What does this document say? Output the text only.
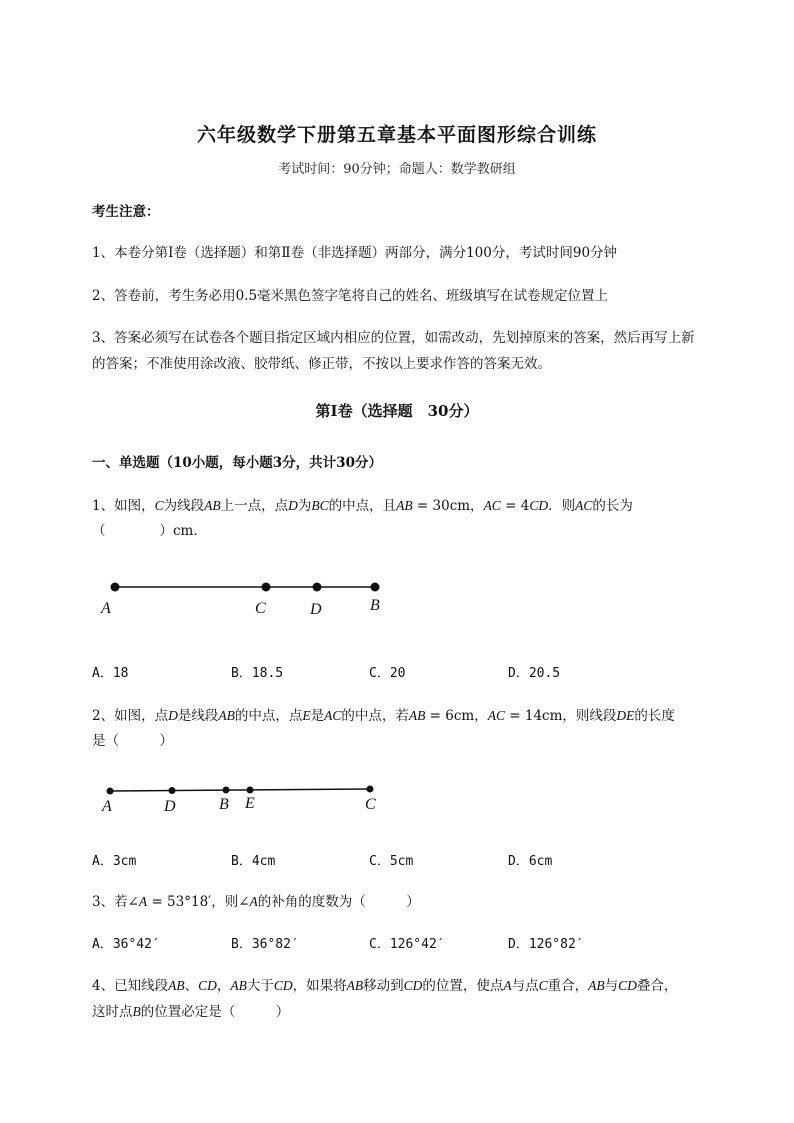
六年级数学下册第五章基本平面图形综合训练
考试时间：90分钟；命题人：数学教研组
考生注意：
1、本卷分第I卷（选择题）和第Ⅱ卷（非选择题）两部分，满分100分，考试时间90分钟
2、答卷前，考生务必用0.5毫米黑色签字笔将自己的姓名、班级填写在试卷规定位置上
3、答案必须写在试卷各个题目指定区域内相应的位置，如需改动，先划掉原来的答案，然后再写上新
的答案；不准使用涂改液、胶带纸、修正带，不按以上要求作答的答案无效。
第I卷（选择题　30分）
一、单选题（10小题，每小题3分，共计30分）
1、如图，C为线段AB上一点，点D为BC的中点，且AB = 30cm，AC = 4CD．则AC的长为
（　　　　）cm．
A	C	D	B
A．18	B．18.5	C．20	D．20.5
2、如图，点D是线段AB的中点，点E是AC的中点，若AB = 6cm，AC = 14cm，则线段DE的长度
是（　　　）
A	D	B E	C
A．3cm	B．4cm	C．5cm	D．6cm
3、若∠A = 53°18′，则∠A的补角的度数为（　　　）
A．36°42′	B．36°82′	C．126°42′	D．126°82′
4、已知线段AB、CD，AB大于CD，如果将AB移动到CD的位置，使点A与点C重合，AB与CD叠合，
这时点B的位置必定是（　　　）
